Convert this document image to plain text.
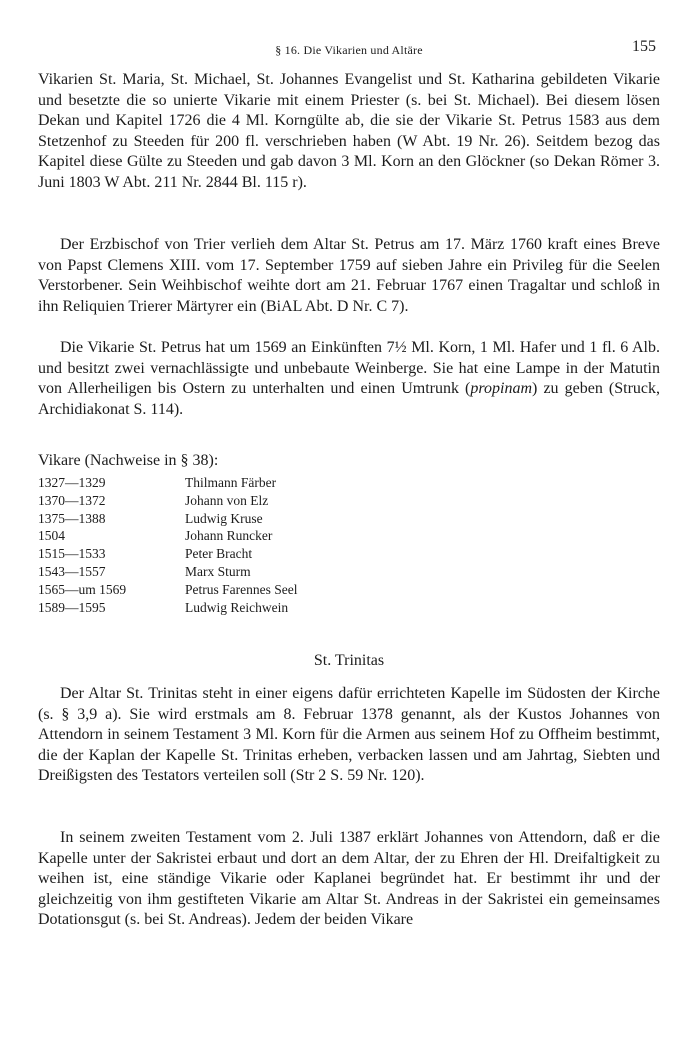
§ 16. Die Vikarien und Altäre	155

Vikarien St. Maria, St. Michael, St. Johannes Evangelist und St. Katharina gebildeten Vikarie und besetzte die so unierte Vikarie mit einem Priester (s. bei St. Michael). Bei diesem lösen Dekan und Kapitel 1726 die 4 Ml. Korngülte ab, die sie der Vikarie St. Petrus 1583 aus dem Stetzenhof zu Steeden für 200 fl. verschrieben haben (W Abt. 19 Nr. 26). Seitdem bezog das Kapitel diese Gülte zu Steeden und gab davon 3 Ml. Korn an den Glöckner (so Dekan Römer 3. Juni 1803 W Abt. 211 Nr. 2844 Bl. 115 r).

Der Erzbischof von Trier verlieh dem Altar St. Petrus am 17. März 1760 kraft eines Breve von Papst Clemens XIII. vom 17. September 1759 auf sieben Jahre ein Privileg für die Seelen Verstorbener. Sein Weihbischof weihte dort am 21. Februar 1767 einen Tragaltar und schloß in ihn Reliquien Trierer Märtyrer ein (BiAL Abt. D Nr. C 7).

Die Vikarie St. Petrus hat um 1569 an Einkünften 7½ Ml. Korn, 1 Ml. Hafer und 1 fl. 6 Alb. und besitzt zwei vernachlässigte und unbebaute Weinberge. Sie hat eine Lampe in der Matutin von Allerheiligen bis Ostern zu unterhalten und einen Umtrunk (propinam) zu geben (Struck, Archidiakonat S. 114).

Vikare (Nachweise in § 38):

1327—1329	Thilmann Färber
1370—1372	Johann von Elz
1375—1388	Ludwig Kruse
1504	Johann Runcker
1515—1533	Peter Bracht
1543—1557	Marx Sturm
1565—um 1569	Petrus Farennes Seel
1589—1595	Ludwig Reichwein
St. Trinitas

Der Altar St. Trinitas steht in einer eigens dafür errichteten Kapelle im Südosten der Kirche (s. § 3,9 a). Sie wird erstmals am 8. Februar 1378 genannt, als der Kustos Johannes von Attendorn in seinem Testament 3 Ml. Korn für die Armen aus seinem Hof zu Offheim bestimmt, die der Kaplan der Kapelle St. Trinitas erheben, verbacken lassen und am Jahrtag, Siebten und Dreißigsten des Testators verteilen soll (Str 2 S. 59 Nr. 120).

In seinem zweiten Testament vom 2. Juli 1387 erklärt Johannes von Attendorn, daß er die Kapelle unter der Sakristei erbaut und dort an dem Altar, der zu Ehren der Hl. Dreifaltigkeit zu weihen ist, eine ständige Vikarie oder Kaplanei begründet hat. Er bestimmt ihr und der gleichzeitig von ihm gestifteten Vikarie am Altar St. Andreas in der Sakristei ein gemeinsames Dotationsgut (s. bei St. Andreas). Jedem der beiden Vikare
